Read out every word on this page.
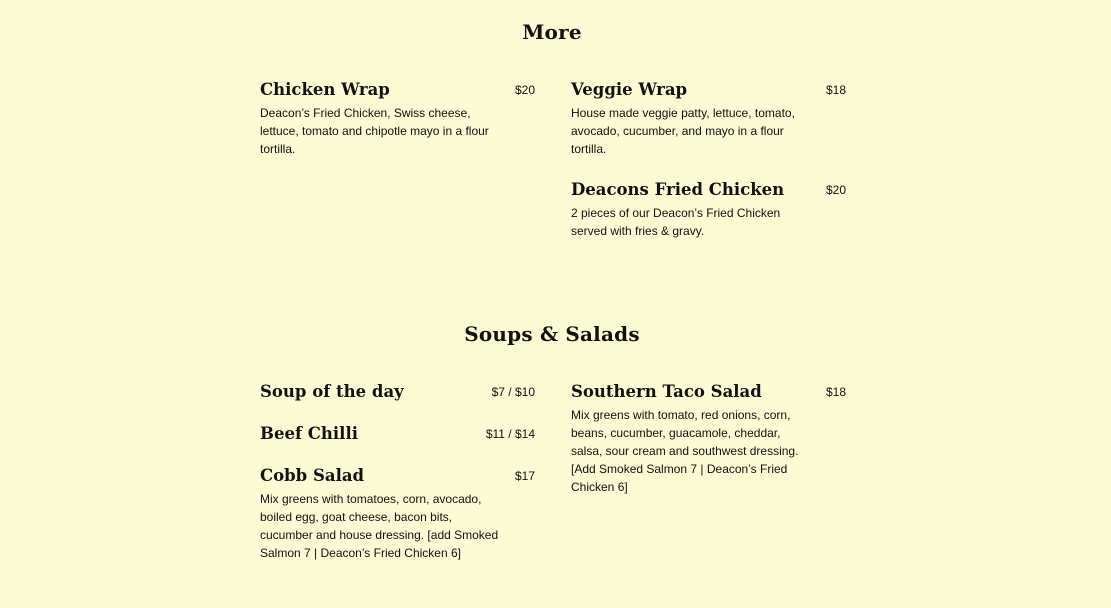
More
Chicken Wrap	$20
Deacon’s Fried Chicken, Swiss cheese, lettuce, tomato and chipotle mayo in a flour tortilla.
Veggie Wrap	$18
House made veggie patty, lettuce, tomato, avocado, cucumber, and mayo in a flour tortilla.
Deacons Fried Chicken	$20
2 pieces of our Deacon’s Fried Chicken served with fries & gravy.
Soups & Salads
Soup of the day	$7 / $10
Beef Chilli	$11 / $14
Cobb Salad	$17
Mix greens with tomatoes, corn, avocado, boiled egg, goat cheese, bacon bits, cucumber and house dressing. [add Smoked Salmon 7 | Deacon’s Fried Chicken 6]
Southern Taco Salad	$18
Mix greens with tomato, red onions, corn, beans, cucumber, guacamole, cheddar, salsa, sour cream and southwest dressing. [Add Smoked Salmon 7 | Deacon’s Fried Chicken 6]
